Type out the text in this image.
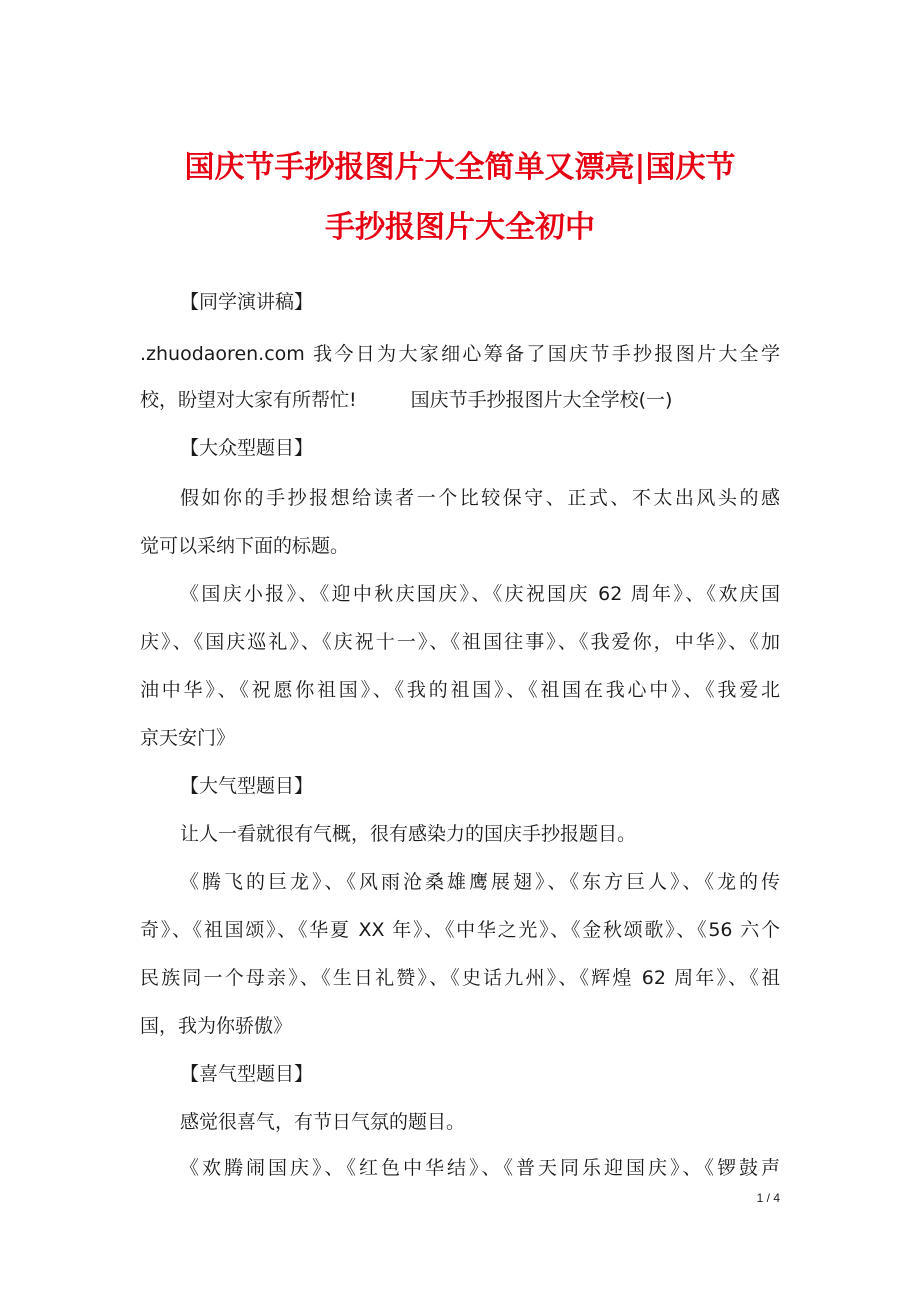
国庆节手抄报图片大全简单又漂亮|国庆节
手抄报图片大全初中
【同学演讲稿】
.zhuodaoren.com 我今日为大家细心筹备了国庆节手抄报图片大全学
校，盼望对大家有所帮忙!	国庆节手抄报图片大全学校(一)
【大众型题目】
假如你的手抄报想给读者一个比较保守、正式、不太出风头的感
觉可以采纳下面的标题。
《国庆小报》、《迎中秋庆国庆》、《庆祝国庆 62 周年》、《欢庆国
庆》、《国庆巡礼》、《庆祝十一》、《祖国往事》、《我爱你，中华》、《加
油中华》、《祝愿你祖国》、《我的祖国》、《祖国在我心中》、《我爱北
京天安门》
【大气型题目】
让人一看就很有气概，很有感染力的国庆手抄报题目。
《腾飞的巨龙》、《风雨沧桑雄鹰展翅》、《东方巨人》、《龙的传
奇》、《祖国颂》、《华夏 XX 年》、《中华之光》、《金秋颂歌》、《56 六个
民族同一个母亲》、《生日礼赞》、《史话九州》、《辉煌 62 周年》、《祖
国，我为你骄傲》
【喜气型题目】
感觉很喜气，有节日气氛的题目。
《欢腾闹国庆》、《红色中华结》、《普天同乐迎国庆》、《锣鼓声
1 / 4
